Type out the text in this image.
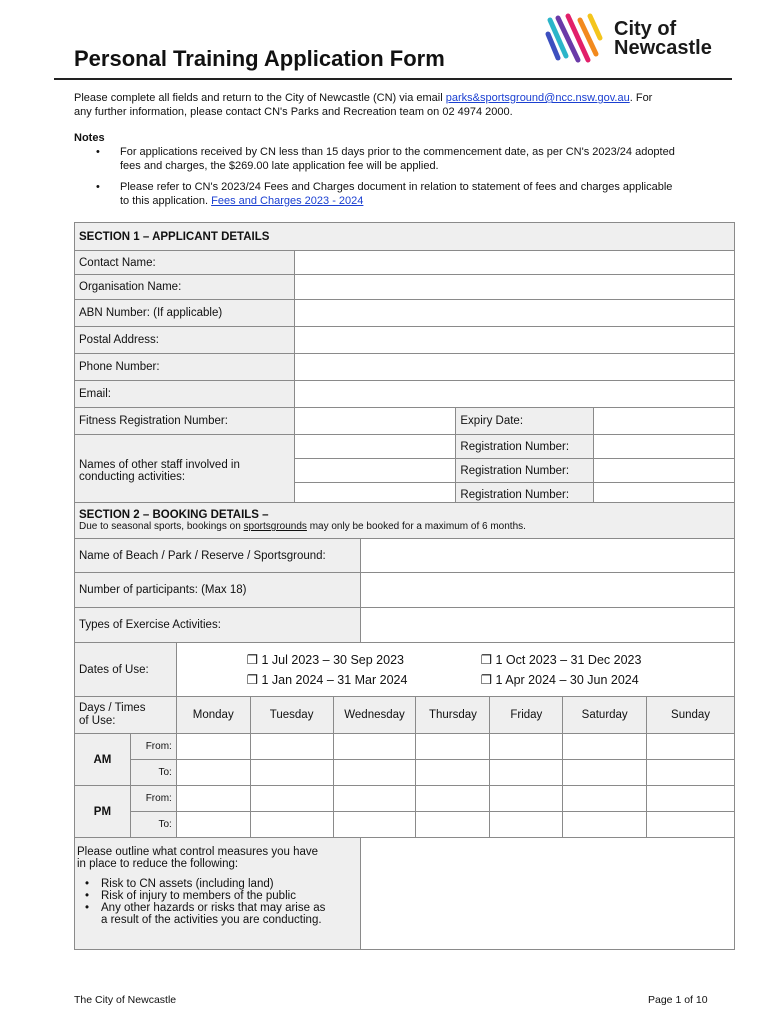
Personal Training Application Form
City of
Newcastle
Please complete all fields and return to the City of Newcastle (CN) via email parks&sportsground@ncc.nsw.gov.au. For
any further information, please contact CN's Parks and Recreation team on 02 4974 2000.
Notes
• For applications received by CN less than 15 days prior to the commencement date, as per CN's 2023/24 adopted
fees and charges, the $269.00 late application fee will be applied.
• Please refer to CN's 2023/24 Fees and Charges document in relation to statement of fees and charges applicable
to this application. Fees and Charges 2023 - 2024
SECTION 1 – APPLICANT DETAILS			
Contact Name:			
Organisation Name:			
ABN Number: (If applicable)			
Postal Address:			
Phone Number:			
Email:			
Fitness Registration Number:		Expiry Date:	

Names of other staff involved in
conducting activities:		Registration Number:	
		Registration Number:	
		Registration Number:	
SECTION 2 – BOOKING DETAILS –
Due to seasonal sports, bookings on sportsgrounds may only be booked for a maximum of 6 months.	

Name of Beach / Park / Reserve / Sportsground:	
Number of participants: (Max 18)	
Types of Exercise Activities:	
Dates of Use:		❒ 1 Jul 2023 – 30 Sep 2023 ❒ 1 Oct 2023 – 31 Dec 2023
❒ 1 Jan 2024 – 31 Mar 2024 ❒ 1 Apr 2024 – 30 Jun 2024						

Days / Times
of Use:		Monday	Tuesday	Wednesday	Thursday	Friday	Saturday	Sunday
AM	From:							
	To:							
PM	From:							
	To:							
Please outline what control measures you have
in place to reduce the following:
• Risk to CN assets (including land)
• Risk of injury to members of the public
• Any other hazards or risks that may arise as
a result of the activities you are conducting.

The City of Newcastle	Page 1 of 10
